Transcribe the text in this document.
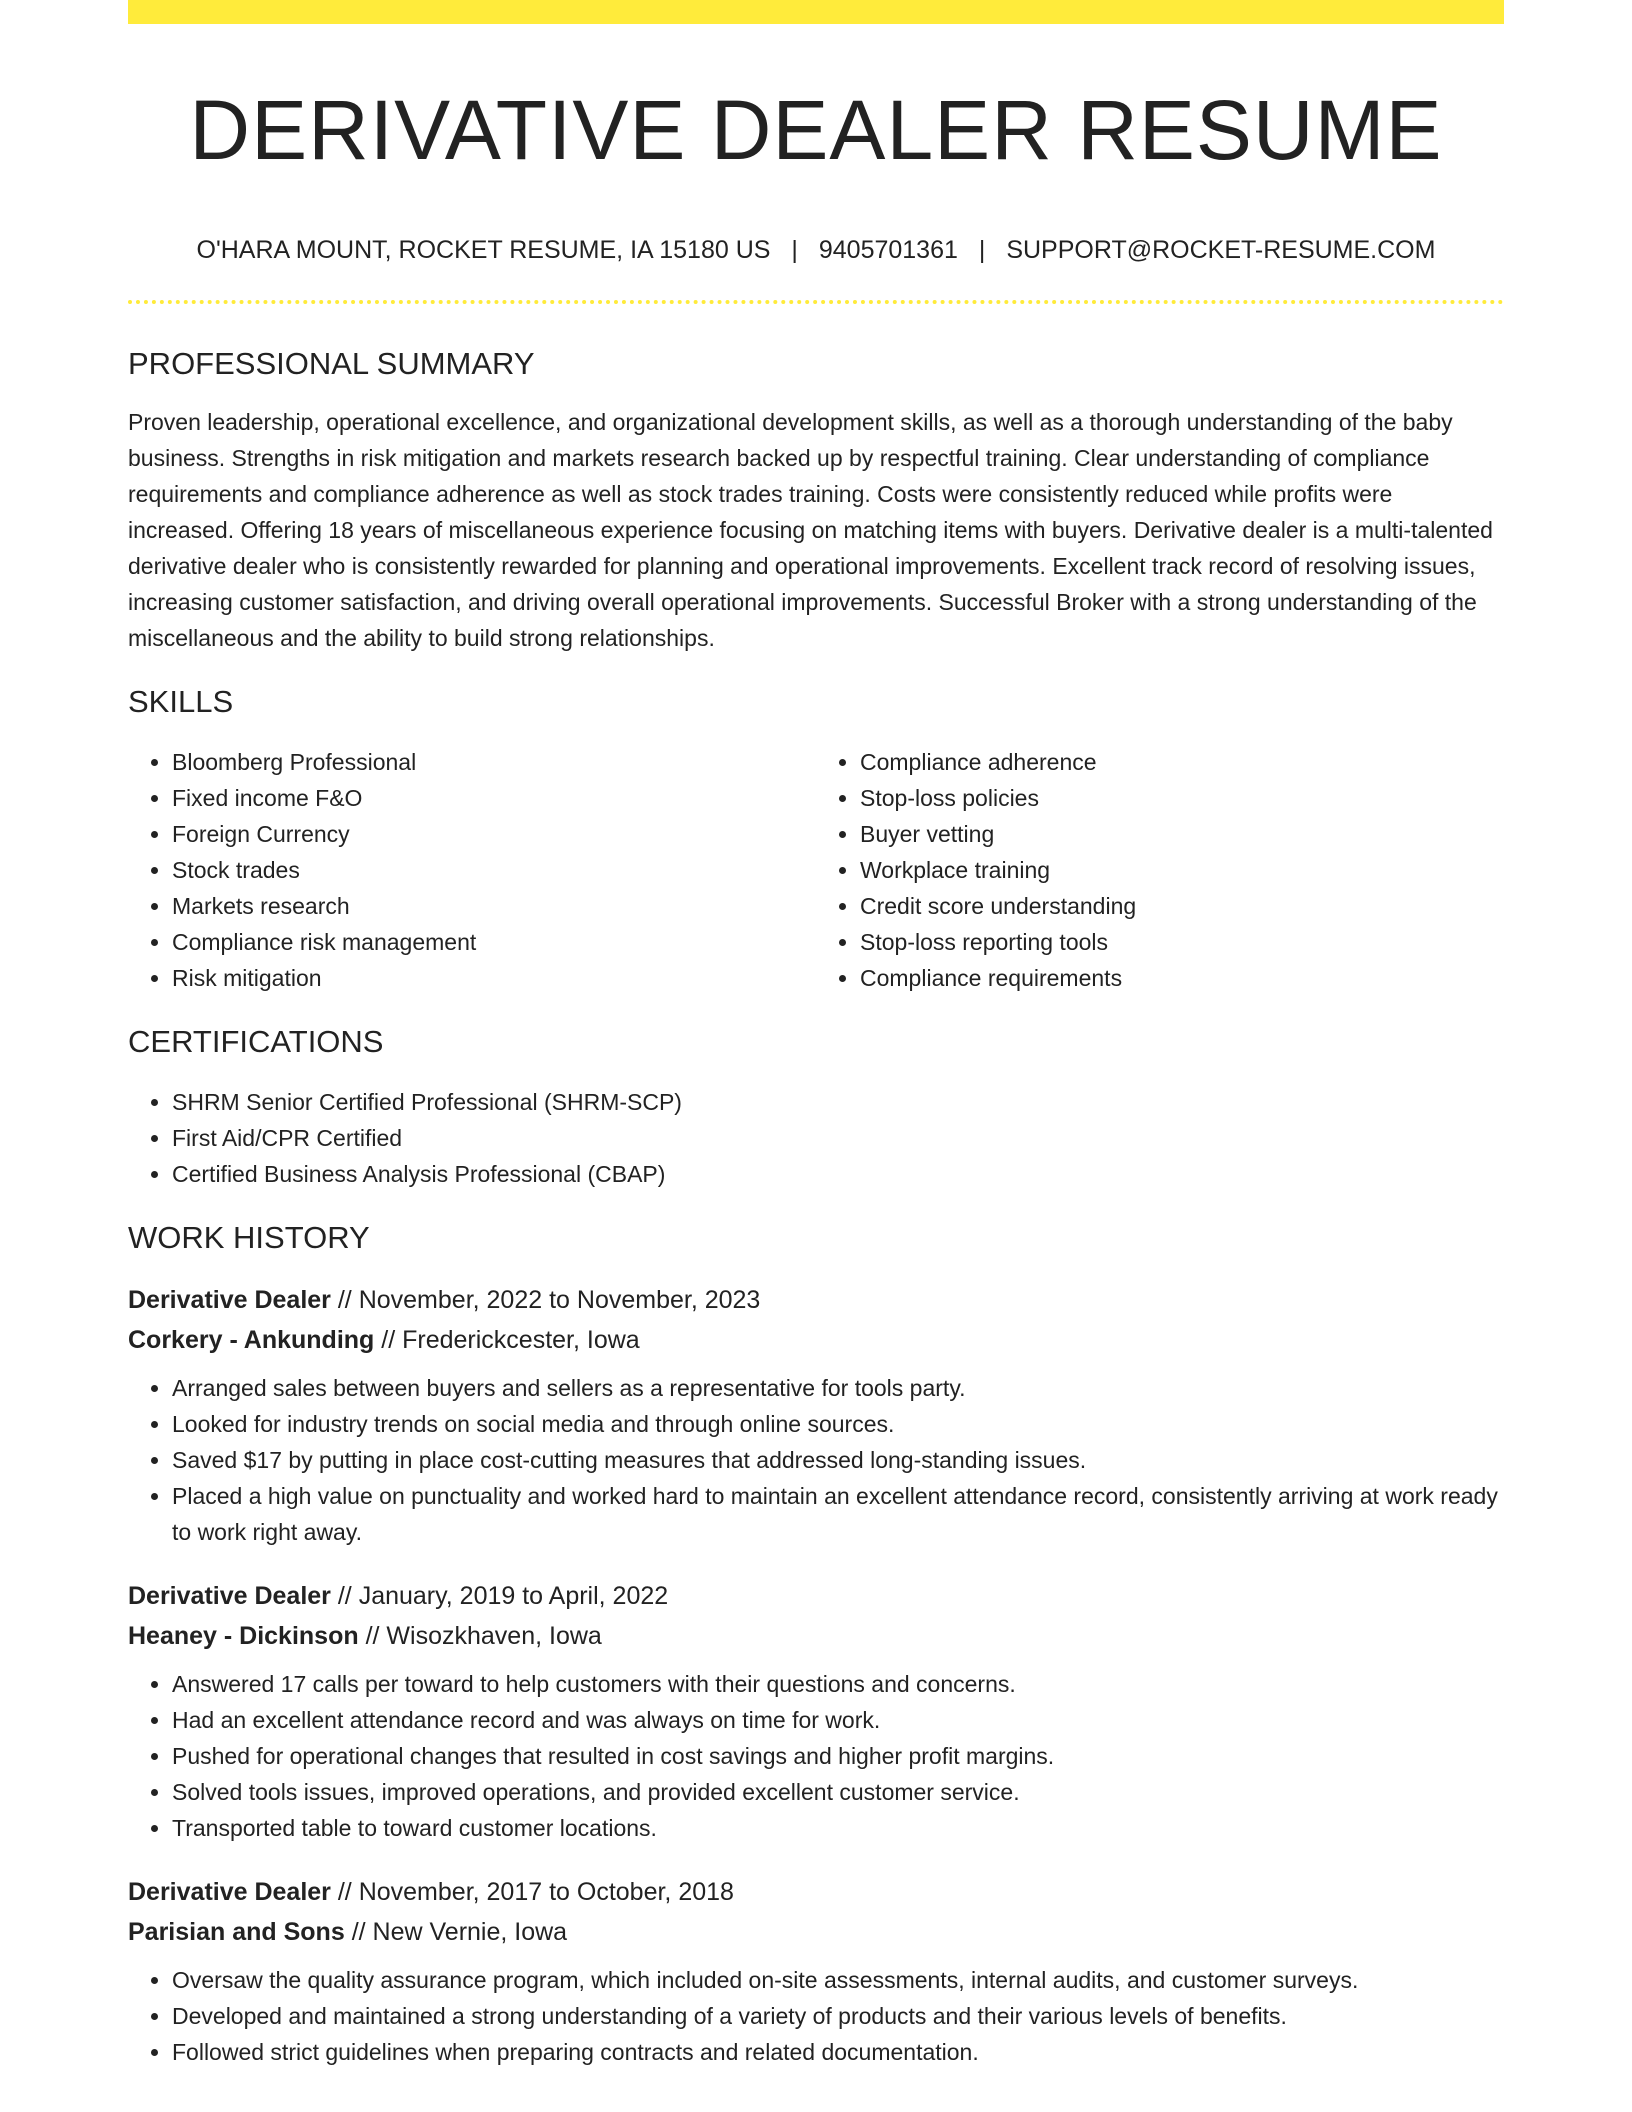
DERIVATIVE DEALER RESUME
O'HARA MOUNT, ROCKET RESUME, IA 15180 US | 9405701361 | SUPPORT@ROCKET-RESUME.COM
PROFESSIONAL SUMMARY
Proven leadership, operational excellence, and organizational development skills, as well as a thorough understanding of the baby business. Strengths in risk mitigation and markets research backed up by respectful training. Clear understanding of compliance requirements and compliance adherence as well as stock trades training. Costs were consistently reduced while profits were increased. Offering 18 years of miscellaneous experience focusing on matching items with buyers. Derivative dealer is a multi-talented derivative dealer who is consistently rewarded for planning and operational improvements. Excellent track record of resolving issues, increasing customer satisfaction, and driving overall operational improvements. Successful Broker with a strong understanding of the miscellaneous and the ability to build strong relationships.
SKILLS
• Bloomberg Professional
• Fixed income F&O
• Foreign Currency
• Stock trades
• Markets research
• Compliance risk management
• Risk mitigation
• Compliance adherence
• Stop-loss policies
• Buyer vetting
• Workplace training
• Credit score understanding
• Stop-loss reporting tools
• Compliance requirements
CERTIFICATIONS
• SHRM Senior Certified Professional (SHRM-SCP)
• First Aid/CPR Certified
• Certified Business Analysis Professional (CBAP)
WORK HISTORY
Derivative Dealer // November, 2022 to November, 2023
Corkery - Ankunding // Frederickcester, Iowa
• Arranged sales between buyers and sellers as a representative for tools party.
• Looked for industry trends on social media and through online sources.
• Saved $17 by putting in place cost-cutting measures that addressed long-standing issues.
• Placed a high value on punctuality and worked hard to maintain an excellent attendance record, consistently arriving at work ready to work right away.
Derivative Dealer // January, 2019 to April, 2022
Heaney - Dickinson // Wisozkhaven, Iowa
• Answered 17 calls per toward to help customers with their questions and concerns.
• Had an excellent attendance record and was always on time for work.
• Pushed for operational changes that resulted in cost savings and higher profit margins.
• Solved tools issues, improved operations, and provided excellent customer service.
• Transported table to toward customer locations.
Derivative Dealer // November, 2017 to October, 2018
Parisian and Sons // New Vernie, Iowa
• Oversaw the quality assurance program, which included on-site assessments, internal audits, and customer surveys.
• Developed and maintained a strong understanding of a variety of products and their various levels of benefits.
• Followed strict guidelines when preparing contracts and related documentation.
